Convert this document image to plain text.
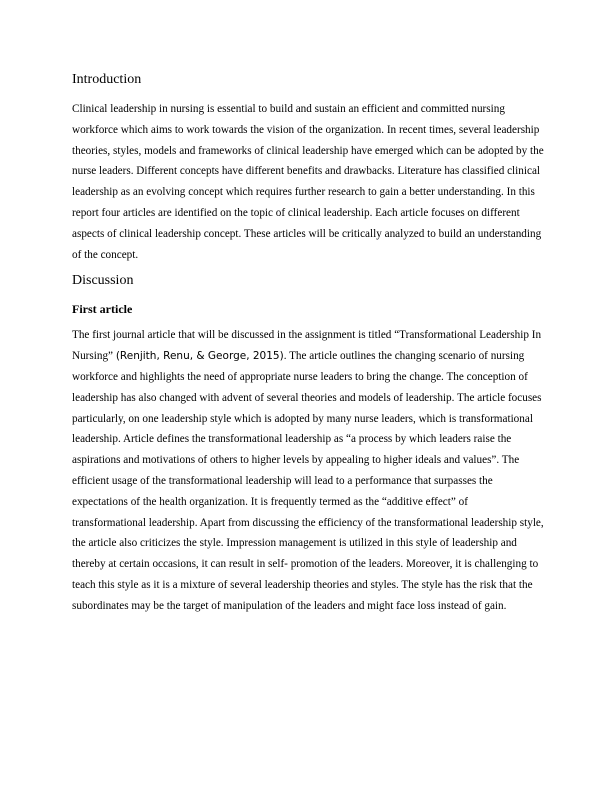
Introduction

Clinical leadership in nursing is essential to build and sustain an efficient and committed nursing workforce which aims to work towards the vision of the organization. In recent times, several leadership theories, styles, models and frameworks of clinical leadership have emerged which can be adopted by the nurse leaders. Different concepts have different benefits and drawbacks. Literature has classified clinical leadership as an evolving concept which requires further research to gain a better understanding. In this report four articles are identified on the topic of clinical leadership. Each article focuses on different aspects of clinical leadership concept. These articles will be critically analyzed to build an understanding of the concept.

Discussion
First article

The first journal article that will be discussed in the assignment is titled “Transformational Leadership In Nursing” (Renjith, Renu, & George, 2015). The article outlines the changing scenario of nursing workforce and highlights the need of appropriate nurse leaders to bring the change. The conception of leadership has also changed with advent of several theories and models of leadership. The article focuses particularly, on one leadership style which is adopted by many nurse leaders, which is transformational leadership. Article defines the transformational leadership as “a process by which leaders raise the aspirations and motivations of others to higher levels by appealing to higher ideals and values”. The efficient usage of the transformational leadership will lead to a performance that surpasses the expectations of the health organization. It is frequently termed as the “additive effect” of transformational leadership. Apart from discussing the efficiency of the transformational leadership style, the article also criticizes the style. Impression management is utilized in this style of leadership and thereby at certain occasions, it can result in self- promotion of the leaders. Moreover, it is challenging to teach this style as it is a mixture of several leadership theories and styles. The style has the risk that the subordinates may be the target of manipulation of the leaders and might face loss instead of gain.
